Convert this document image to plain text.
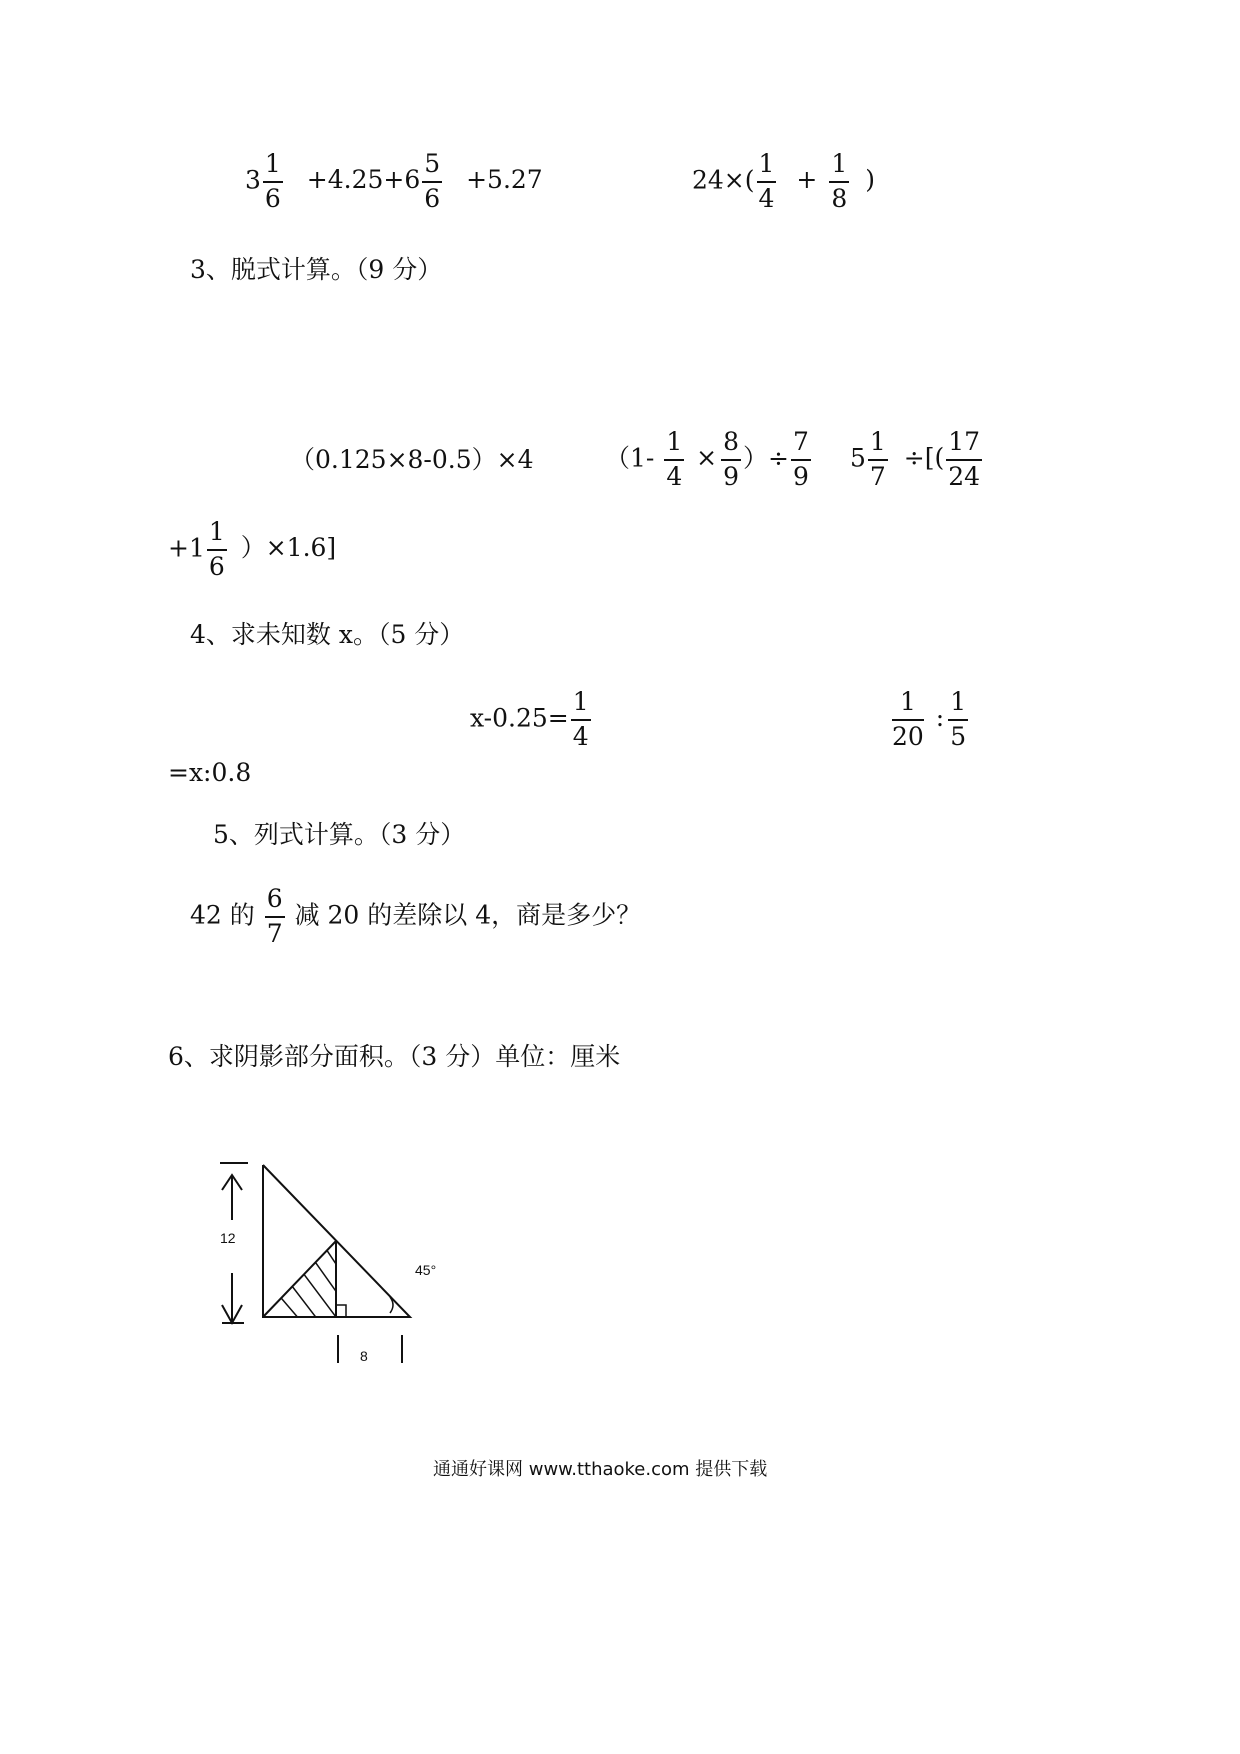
$3 \frac{1}{6} +4.25+6 \frac{5}{6} +5.27$	$24\times( \frac{1}{4} + \frac{1}{8}$ )
3、脱式计算。（9 分）
（0.125×8-0.5）×4	（$1- \frac{1}{4} \times \frac{8}{9}$ ）÷ $\frac{7}{9} 5 \frac{1}{7}$ ÷[( $\frac{17}{24}$
$+1 \frac{1}{6} )\times 1.6$]
4、求未知数 x。（5 分）
$x-0.25= \frac{1}{4}$	$\frac{1}{20}$ : $\frac{1}{5}$
=x:0.8
5、列式计算。（3 分）
42 的 $\frac{6}{7}$ 减 20 的差除以 4，商是多少？
6、求阴影部分面积。（3 分）单位：厘米
12
45°
8
通通好课网 www.tthaoke.com 提供下载
